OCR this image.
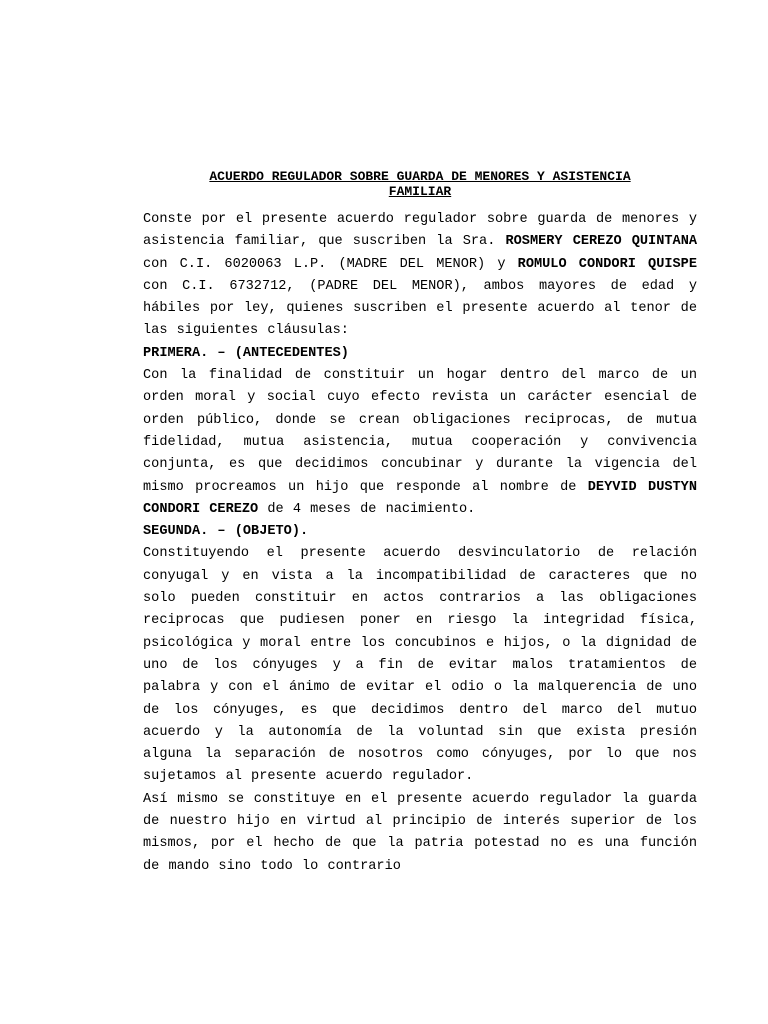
ACUERDO REGULADOR SOBRE GUARDA DE MENORES Y ASISTENCIA
FAMILIAR

Conste por el presente acuerdo regulador sobre guarda de menores y asistencia familiar, que suscriben la Sra. ROSMERY CEREZO QUINTANA con C.I. 6020063 L.P. (MADRE DEL MENOR) y ROMULO CONDORI QUISPE con C.I. 6732712, (PADRE DEL MENOR), ambos mayores de edad y hábiles por ley, quienes suscriben el presente acuerdo al tenor de las siguientes cláusulas:

PRIMERA. – (ANTECEDENTES)

Con la finalidad de constituir un hogar dentro del marco de un orden moral y social cuyo efecto revista un carácter esencial de orden público, donde se crean obligaciones reciprocas, de mutua fidelidad, mutua asistencia, mutua cooperación y convivencia conjunta, es que decidimos concubinar y durante la vigencia del mismo procreamos un hijo que responde al nombre de DEYVID DUSTYN CONDORI CEREZO de 4 meses de nacimiento.

SEGUNDA. – (OBJETO).

Constituyendo el presente acuerdo desvinculatorio de relación conyugal y en vista a la incompatibilidad de caracteres que no solo pueden constituir en actos contrarios a las obligaciones reciprocas que pudiesen poner en riesgo la integridad física, psicológica y moral entre los concubinos e hijos, o la dignidad de uno de los cónyuges y a fin de evitar malos tratamientos de palabra y con el ánimo de evitar el odio o la malquerencia de uno de los cónyuges, es que decidimos dentro del marco del mutuo acuerdo y la autonomía de la voluntad sin que exista presión alguna la separación de nosotros como cónyuges, por lo que nos sujetamos al presente acuerdo regulador.

Así mismo se constituye en el presente acuerdo regulador la guarda de nuestro hijo en virtud al principio de interés superior de los mismos, por el hecho de que la patria potestad no es una función de mando sino todo lo contrario
